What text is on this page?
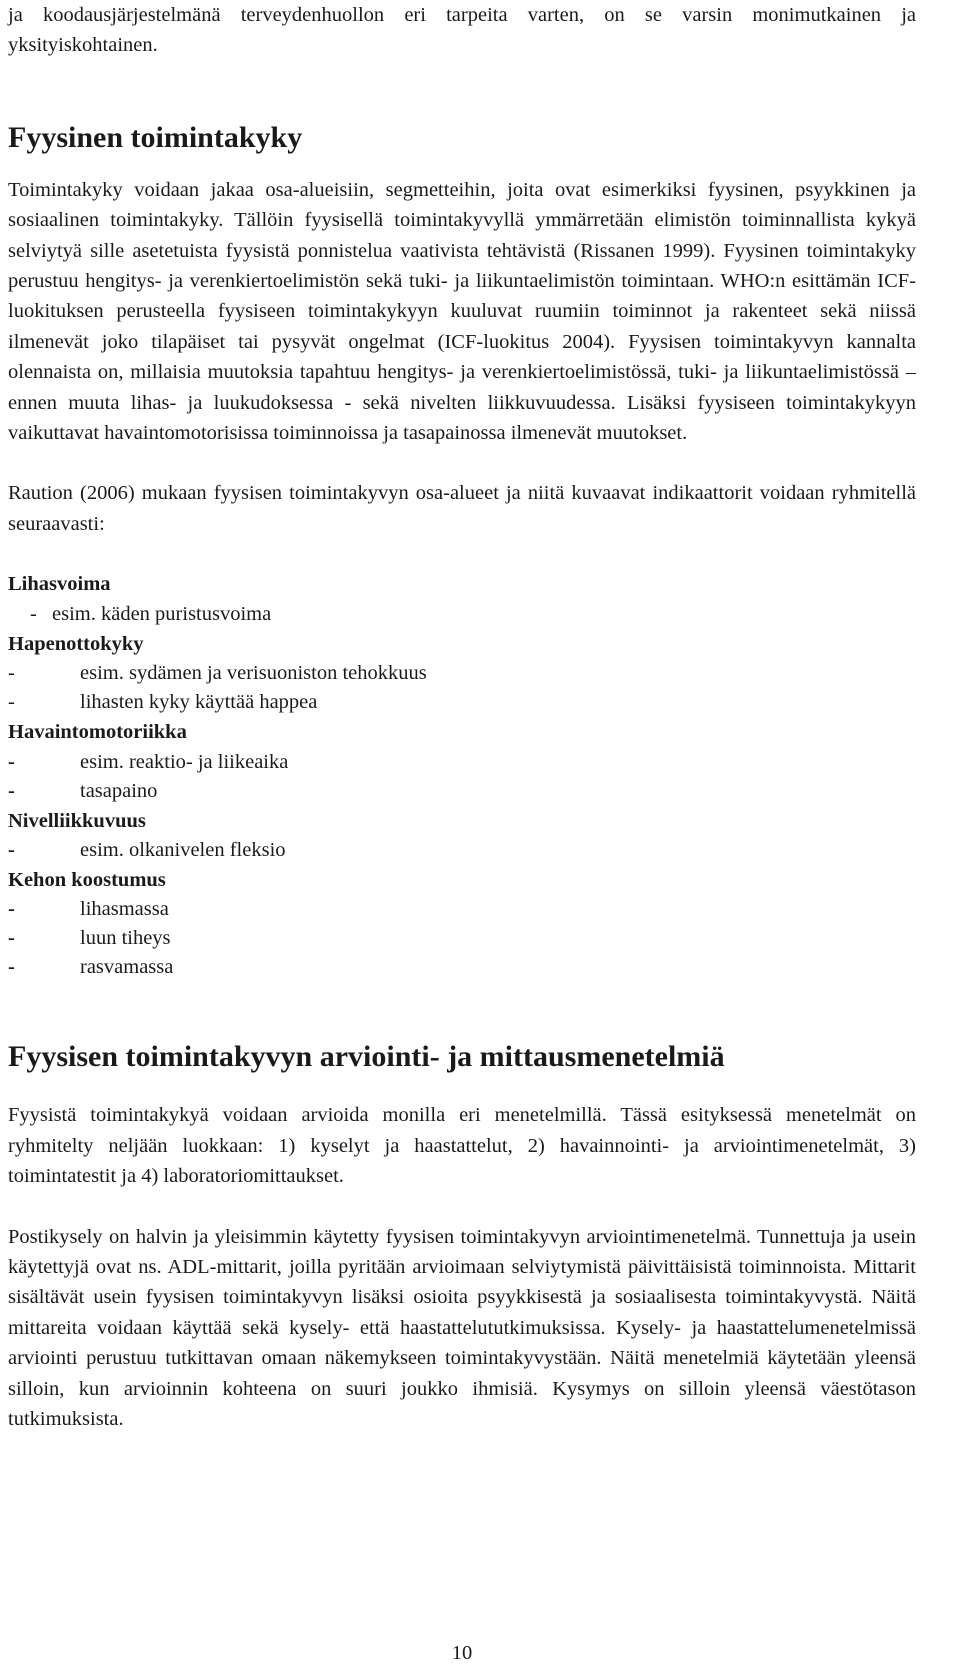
ja koodausjärjestelmänä terveydenhuollon eri tarpeita varten, on se varsin monimutkainen ja yksityiskohtainen.

Fyysinen toimintakyky

Toimintakyky voidaan jakaa osa-alueisiin, segmetteihin, joita ovat esimerkiksi fyysinen, psyykkinen ja sosiaalinen toimintakyky. Tällöin fyysisellä toimintakyvyllä ymmärretään elimistön toiminnallista kykyä selviytyä sille asetetuista fyysistä ponnistelua vaativista tehtävistä (Rissanen 1999). Fyysinen toimintakyky perustuu hengitys- ja verenkiertoelimistön sekä tuki- ja liikuntaelimistön toimintaan. WHO:n esittämän ICF-luokituksen perusteella fyysiseen toimintakykyyn kuuluvat ruumiin toiminnot ja rakenteet sekä niissä ilmenevät joko tilapäiset tai pysyvät ongelmat (ICF-luokitus 2004). Fyysisen toimintakyvyn kannalta olennaista on, millaisia muutoksia tapahtuu hengitys- ja verenkiertoelimistössä, tuki- ja liikuntaelimistössä – ennen muuta lihas- ja luukudoksessa - sekä nivelten liikkuvuudessa. Lisäksi fyysiseen toimintakykyyn vaikuttavat havaintomotorisissa toiminnoissa ja tasapainossa ilmenevät muutokset.

Raution (2006) mukaan fyysisen toimintakyvyn osa-alueet ja niitä kuvaavat indikaattorit voidaan ryhmitellä seuraavasti:

Lihasvoima

- esim. käden puristusvoima

Hapenottokyky

-	esim. sydämen ja verisuoniston tehokkuus
-	lihasten kyky käyttää happea

Havaintomotoriikka

-	esim. reaktio- ja liikeaika
-	tasapaino

Nivelliikkuvuus

-	esim. olkanivelen fleksio

Kehon koostumus

-	lihasmassa
-	luun tiheys
-	rasvamassa
Fyysisen toimintakyvyn arviointi- ja mittausmenetelmiä

Fyysistä toimintakykyä voidaan arvioida monilla eri menetelmillä. Tässä esityksessä menetelmät on ryhmitelty neljään luokkaan: 1) kyselyt ja haastattelut, 2) havainnointi- ja arviointimenetelmät, 3) toimintatestit ja 4) laboratoriomittaukset.

Postikysely on halvin ja yleisimmin käytetty fyysisen toimintakyvyn arviointimenetelmä. Tunnettuja ja usein käytettyjä ovat ns. ADL-mittarit, joilla pyritään arvioimaan selviytymistä päivittäisistä toiminnoista. Mittarit sisältävät usein fyysisen toimintakyvyn lisäksi osioita psyykkisestä ja sosiaalisesta toimintakyvystä. Näitä mittareita voidaan käyttää sekä kysely- että haastattelututkimuksissa. Kysely- ja haastattelumenetelmissä arviointi perustuu tutkittavan omaan näkemykseen toimintakyvystään. Näitä menetelmiä käytetään yleensä silloin, kun arvioinnin kohteena on suuri joukko ihmisiä. Kysymys on silloin yleensä väestötason tutkimuksista.

10
